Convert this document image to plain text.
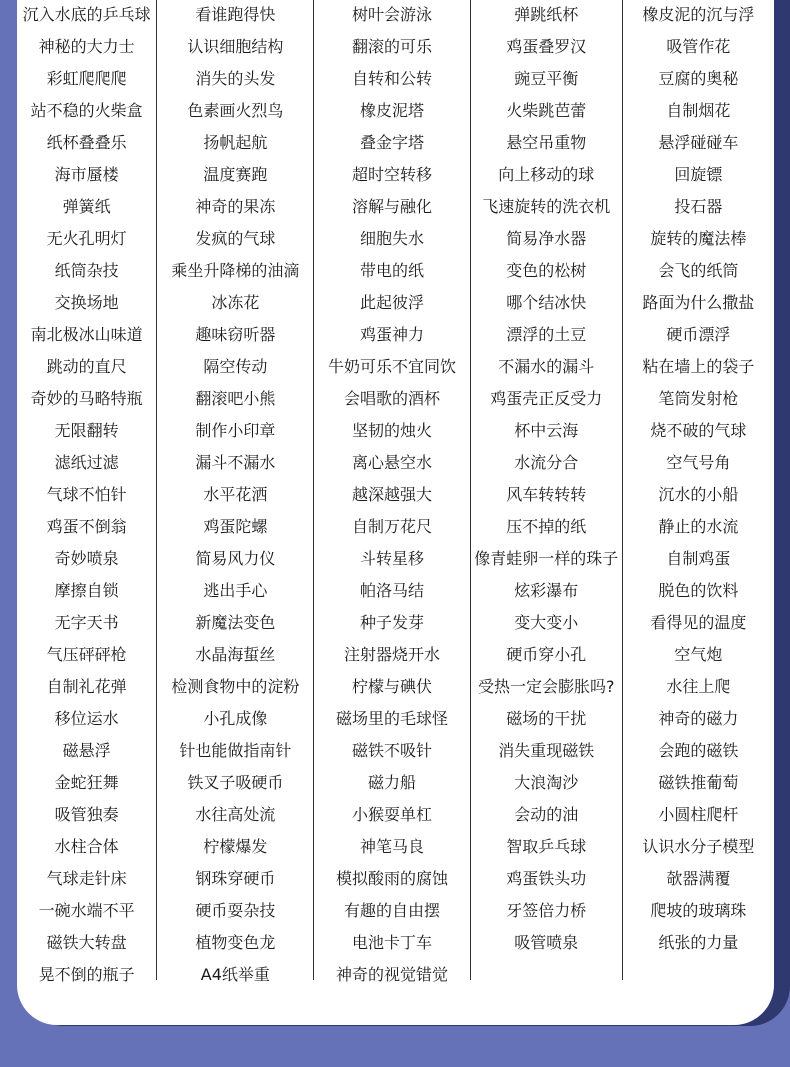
沉入水底的乒乓球
神秘的大力士
彩虹爬爬爬
站不稳的火柴盒
纸杯叠叠乐
海市蜃楼
弹簧纸
无火孔明灯
纸筒杂技
交换场地
南北极冰山味道
跳动的直尺
奇妙的马略特瓶
无限翻转
滤纸过滤
气球不怕针
鸡蛋不倒翁
奇妙喷泉
摩擦自锁
无字天书
气压砰砰枪
自制礼花弹
移位运水
磁悬浮
金蛇狂舞
吸管独奏
水柱合体
气球走针床
一碗水端不平
磁铁大转盘
晃不倒的瓶子
看谁跑得快
认识细胞结构
消失的头发
色素画火烈鸟
扬帆起航
温度赛跑
神奇的果冻
发疯的气球
乘坐升降梯的油滴
冰冻花
趣味窃听器
隔空传动
翻滚吧小熊
制作小印章
漏斗不漏水
水平花洒
鸡蛋陀螺
简易风力仪
逃出手心
新魔法变色
水晶海蜇丝
检测食物中的淀粉
小孔成像
针也能做指南针
铁叉子吸硬币
水往高处流
柠檬爆发
钢珠穿硬币
硬币耍杂技
植物变色龙
A4纸举重
树叶会游泳
翻滚的可乐
自转和公转
橡皮泥塔
叠金字塔
超时空转移
溶解与融化
细胞失水
带电的纸
此起彼浮
鸡蛋神力
牛奶可乐不宜同饮
会唱歌的酒杯
坚韧的烛火
离心悬空水
越深越强大
自制万花尺
斗转星移
帕洛马结
种子发芽
注射器烧开水
柠檬与碘伏
磁场里的毛球怪
磁铁不吸针
磁力船
小猴耍单杠
神笔马良
模拟酸雨的腐蚀
有趣的自由摆
电池卡丁车
神奇的视觉错觉
弹跳纸杯
鸡蛋叠罗汉
豌豆平衡
火柴跳芭蕾
悬空吊重物
向上移动的球
飞速旋转的洗衣机
简易净水器
变色的松树
哪个结冰快
漂浮的土豆
不漏水的漏斗
鸡蛋壳正反受力
杯中云海
水流分合
风车转转转
压不掉的纸
像青蛙卵一样的珠子
炫彩瀑布
变大变小
硬币穿小孔
受热一定会膨胀吗?
磁场的干扰
消失重现磁铁
大浪淘沙
会动的油
智取乒乓球
鸡蛋铁头功
牙签倍力桥
吸管喷泉
橡皮泥的沉与浮
吸管作花
豆腐的奥秘
自制烟花
悬浮碰碰车
回旋镖
投石器
旋转的魔法棒
会飞的纸筒
路面为什么撒盐
硬币漂浮
粘在墙上的袋子
笔筒发射枪
烧不破的气球
空气号角
沉水的小船
静止的水流
自制鸡蛋
脱色的饮料
看得见的温度
空气炮
水往上爬
神奇的磁力
会跑的磁铁
磁铁推葡萄
小圆柱爬杆
认识水分子模型
欹器满覆
爬坡的玻璃珠
纸张的力量
